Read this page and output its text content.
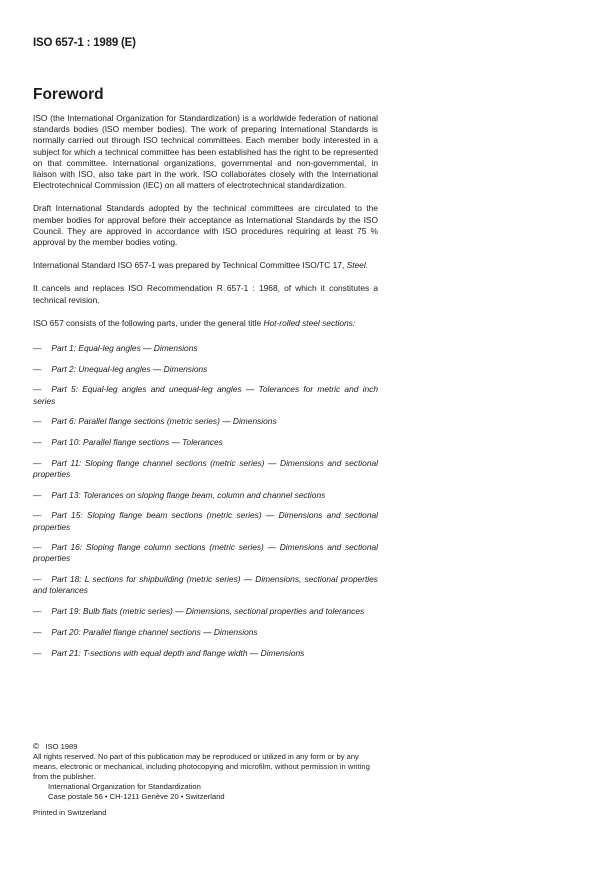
ISO 657-1 : 1989 (E)
Foreword

ISO (the International Organization for Standardization) is a worldwide federation of national standards bodies (ISO member bodies). The work of preparing International Standards is normally carried out through ISO technical committees. Each member body interested in a subject for which a technical committee has been established has the right to be represented on that committee. International organizations, governmental and non-governmental, in liaison with ISO, also take part in the work. ISO collaborates closely with the International Electrotechnical Commission (IEC) on all matters of electrotechnical standardization.

Draft International Standards adopted by the technical committees are circulated to the member bodies for approval before their acceptance as International Standards by the ISO Council. They are approved in accordance with ISO procedures requiring at least 75 % approval by the member bodies voting.

International Standard ISO 657-1 was prepared by Technical Committee ISO/TC 17, Steel.

It cancels and replaces ISO Recommendation R 657-1 : 1968, of which it constitutes a technical revision.

ISO 657 consists of the following parts, under the general title Hot-rolled steel sections:

— Part 1: Equal-leg angles — Dimensions
— Part 2: Unequal-leg angles — Dimensions
— Part 5: Equal-leg angles and unequal-leg angles — Tolerances for metric and inch series
— Part 6: Parallel flange sections (metric series) — Dimensions
— Part 10: Parallel flange sections — Tolerances
— Part 11: Sloping flange channel sections (metric series) — Dimensions and sectional properties
— Part 13: Tolerances on sloping flange beam, column and channel sections
— Part 15: Sloping flange beam sections (metric series) — Dimensions and sectional properties
— Part 16: Sloping flange column sections (metric series) — Dimensions and sectional properties
— Part 18: L sections for shipbuilding (metric series) — Dimensions, sectional properties and tolerances
— Part 19: Bulb flats (metric series) — Dimensions, sectional properties and tolerances
— Part 20: Parallel flange channel sections — Dimensions
— Part 21: T-sections with equal depth and flange width — Dimensions
© ISO 1989
All rights reserved. No part of this publication may be reproduced or utilized in any form or by any means, electronic or mechanical, including photocopying and microfilm, without permission in writing from the publisher.
International Organization for Standardization
Case postale 56 • CH-1211 Genève 20 • Switzerland
Printed in Switzerland
